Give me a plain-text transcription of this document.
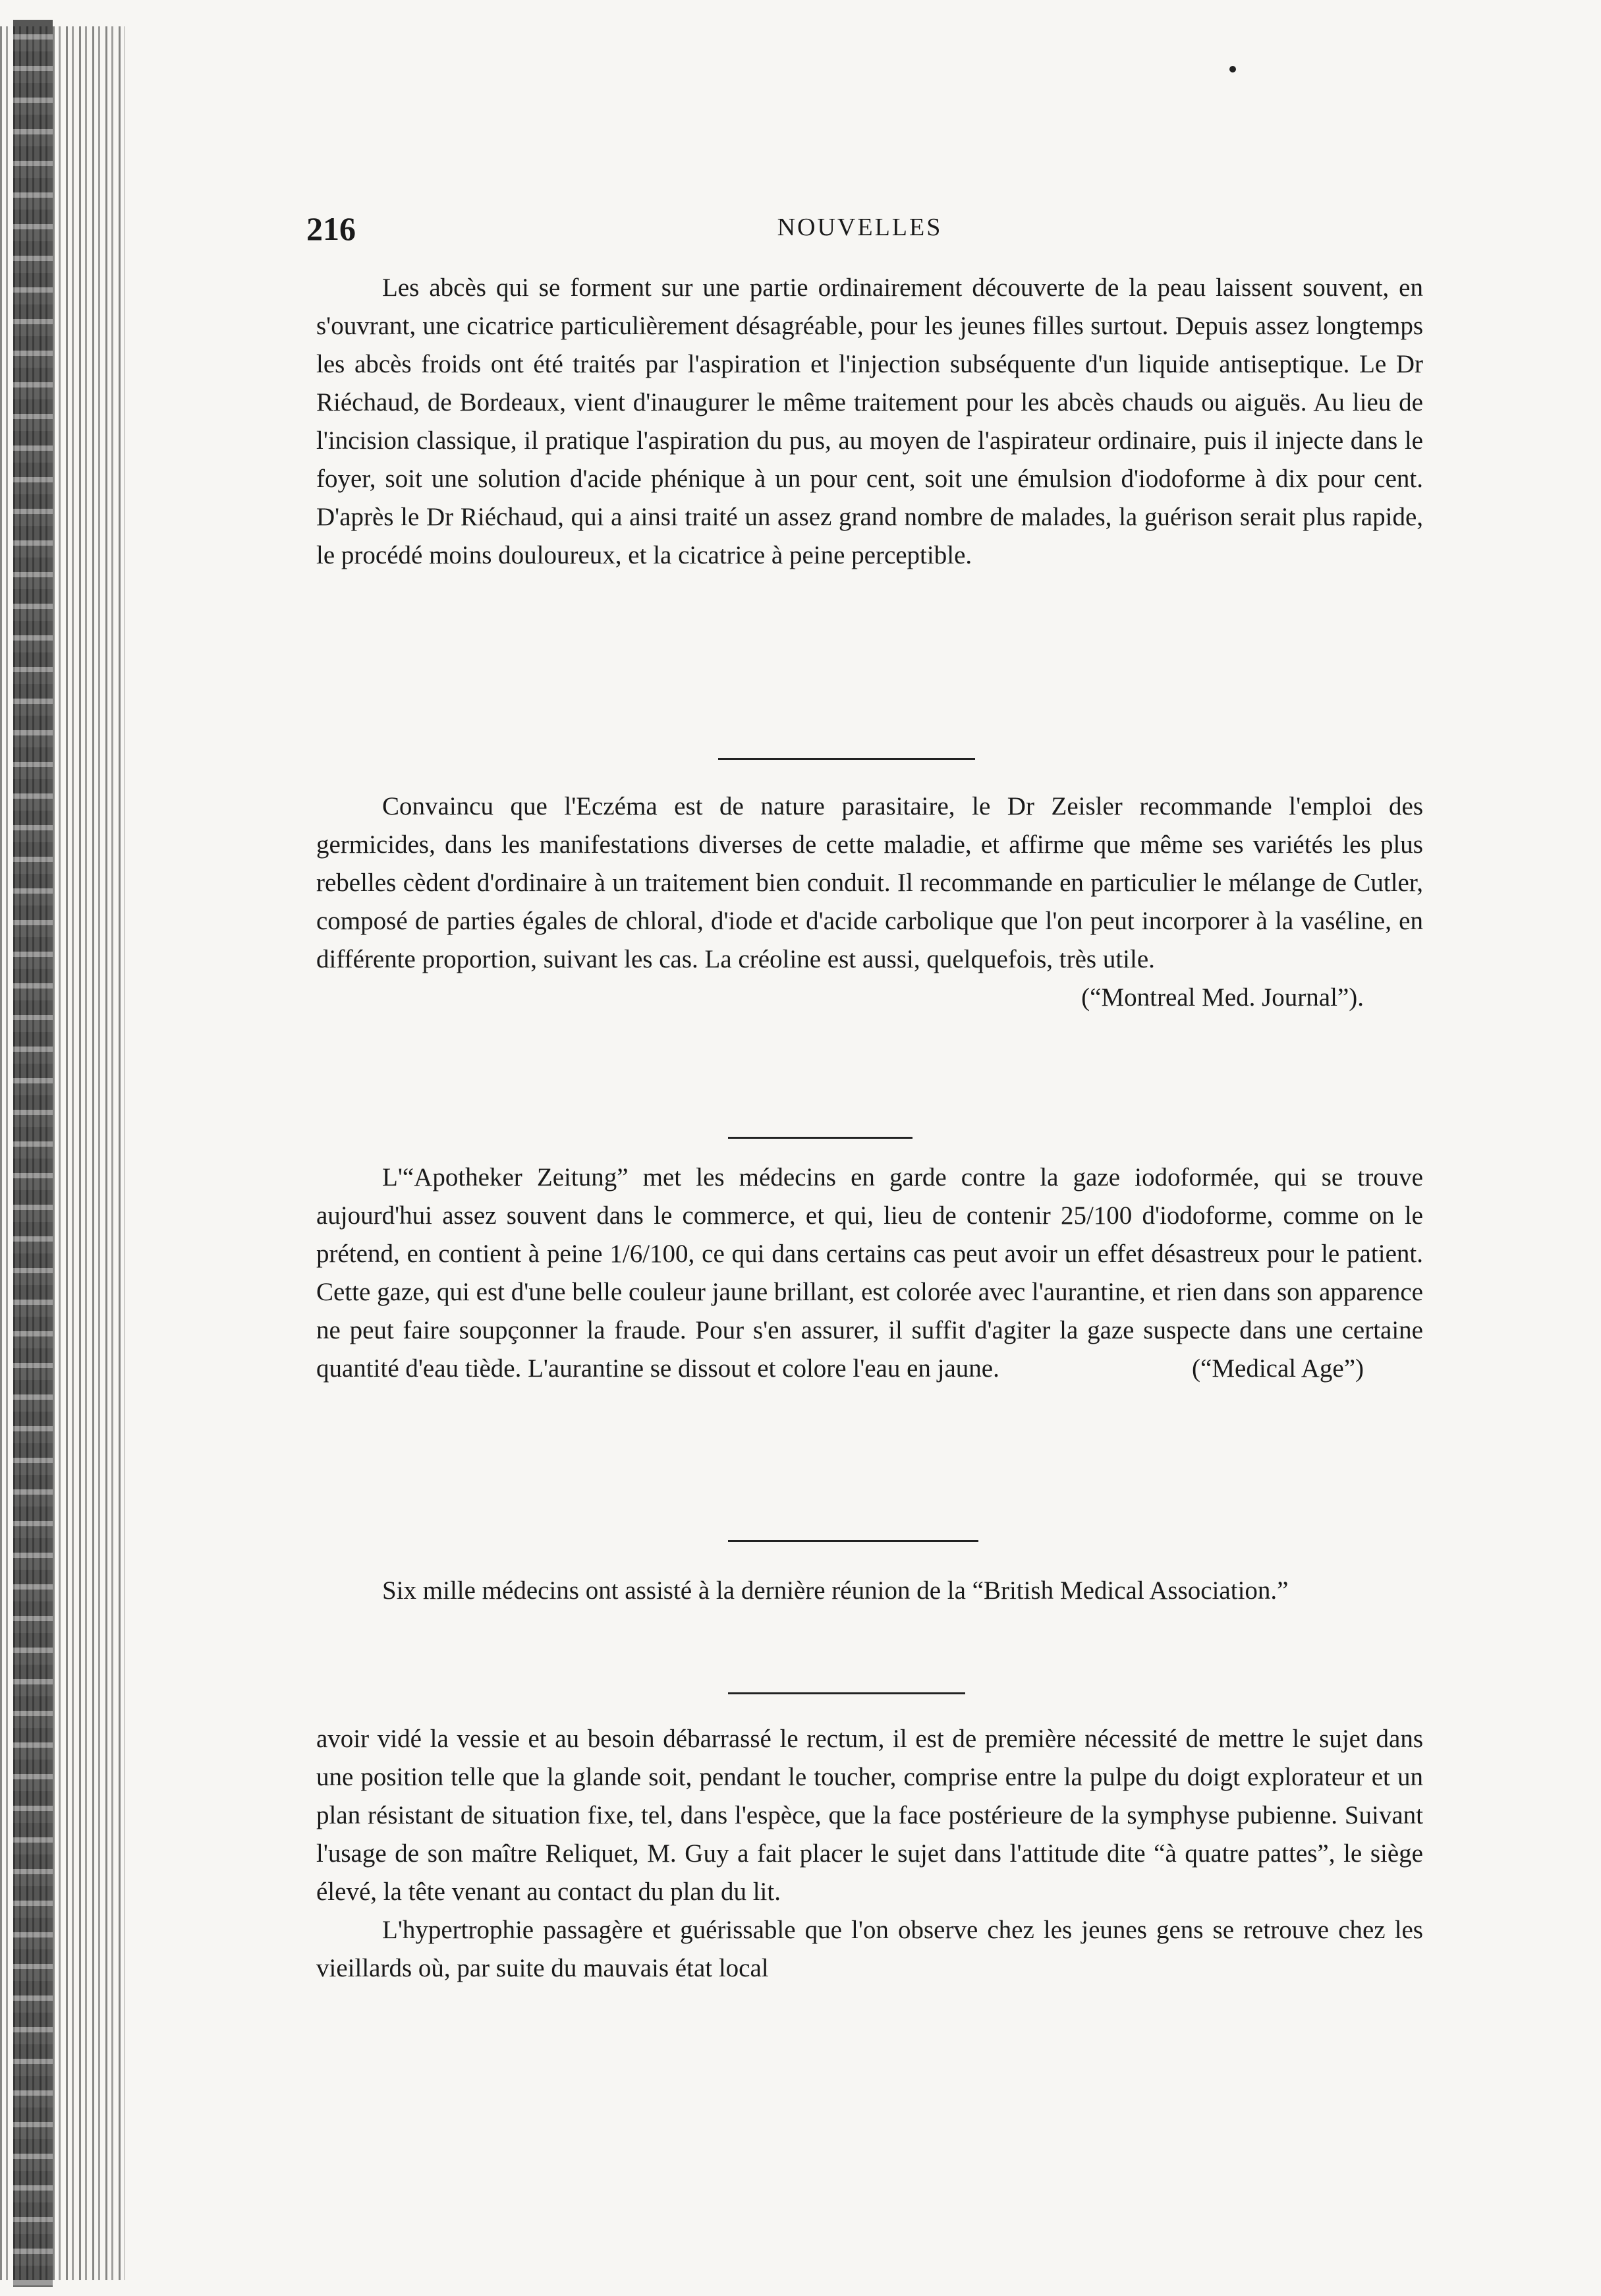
216	NOUVELLES

Les abcès qui se forment sur une partie ordinairement découverte de la peau laissent souvent, en s'ouvrant, une cicatrice particulièrement désagréable, pour les jeunes filles surtout. Depuis assez longtemps les abcès froids ont été traités par l'aspiration et l'injection subséquente d'un liquide antiseptique. Le Dr Riéchaud, de Bordeaux, vient d'inaugurer le même traitement pour les abcès chauds ou aiguës. Au lieu de l'incision classique, il pratique l'aspiration du pus, au moyen de l'aspirateur ordinaire, puis il injecte dans le foyer, soit une solution d'acide phénique à un pour cent, soit une émulsion d'iodoforme à dix pour cent. D'après le Dr Riéchaud, qui a ainsi traité un assez grand nombre de malades, la guérison serait plus rapide, le procédé moins douloureux, et la cicatrice à peine perceptible.

Convaincu que l'Eczéma est de nature parasitaire, le Dr Zeisler recommande l'emploi des germicides, dans les manifestations diverses de cette maladie, et affirme que même ses variétés les plus rebelles cèdent d'ordinaire à un traitement bien conduit. Il recommande en particulier le mélange de Cutler, composé de parties égales de chloral, d'iode et d'acide carbolique que l'on peut incorporer à la vaséline, en différente proportion, suivant les cas. La créoline est aussi, quelquefois, très utile.

(“Montreal Med. Journal”).

L'“Apotheker Zeitung” met les médecins en garde contre la gaze iodoformée, qui se trouve aujourd'hui assez souvent dans le commerce, et qui, lieu de contenir 25/100 d'iodoforme, comme on le prétend, en contient à peine 1/6/100, ce qui dans certains cas peut avoir un effet désastreux pour le patient. Cette gaze, qui est d'une belle couleur jaune brillant, est colorée avec l'aurantine, et rien dans son apparence ne peut faire soupçonner la fraude. Pour s'en assurer, il suffit d'agiter la gaze suspecte dans une certaine quantité d'eau tiède. L'aurantine se dissout et colore l'eau en jaune.	(“Medical Age”)

Six mille médecins ont assisté à la dernière réunion de la “British Medical Association.”

avoir vidé la vessie et au besoin débarrassé le rectum, il est de première nécessité de mettre le sujet dans une position telle que la glande soit, pendant le toucher, comprise entre la pulpe du doigt explorateur et un plan résistant de situation fixe, tel, dans l'espèce, que la face postérieure de la symphyse pubienne. Suivant l'usage de son maître Reliquet, M. Guy a fait placer le sujet dans l'attitude dite “à quatre pattes”, le siège élevé, la tête venant au contact du plan du lit.

L'hypertrophie passagère et guérissable que l'on observe chez les jeunes gens se retrouve chez les vieillards où, par suite du mauvais état local
